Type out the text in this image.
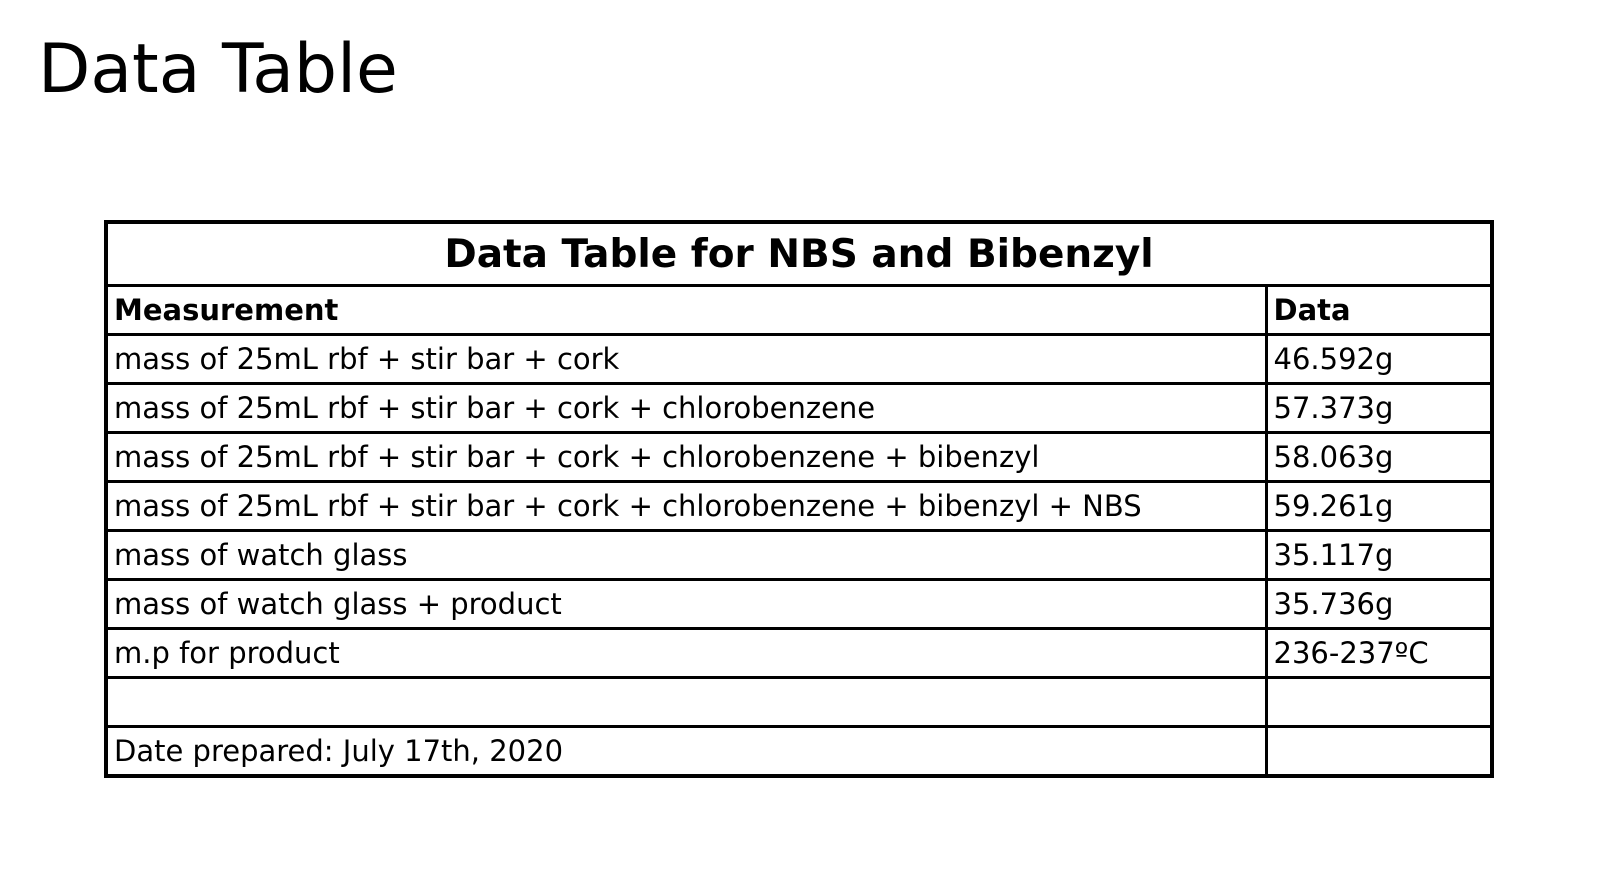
Data Table
Data Table for NBS and Bibenzyl	
Measurement	Data
mass of 25mL rbf + stir bar + cork	46.592g
mass of 25mL rbf + stir bar + cork + chlorobenzene	57.373g
mass of 25mL rbf + stir bar + cork + chlorobenzene + bibenzyl	58.063g
mass of 25mL rbf + stir bar + cork + chlorobenzene + bibenzyl + NBS	59.261g
mass of watch glass	35.117g
mass of watch glass + product	35.736g
m.p for product	236-237ºC

Date prepared: July 17th, 2020	
